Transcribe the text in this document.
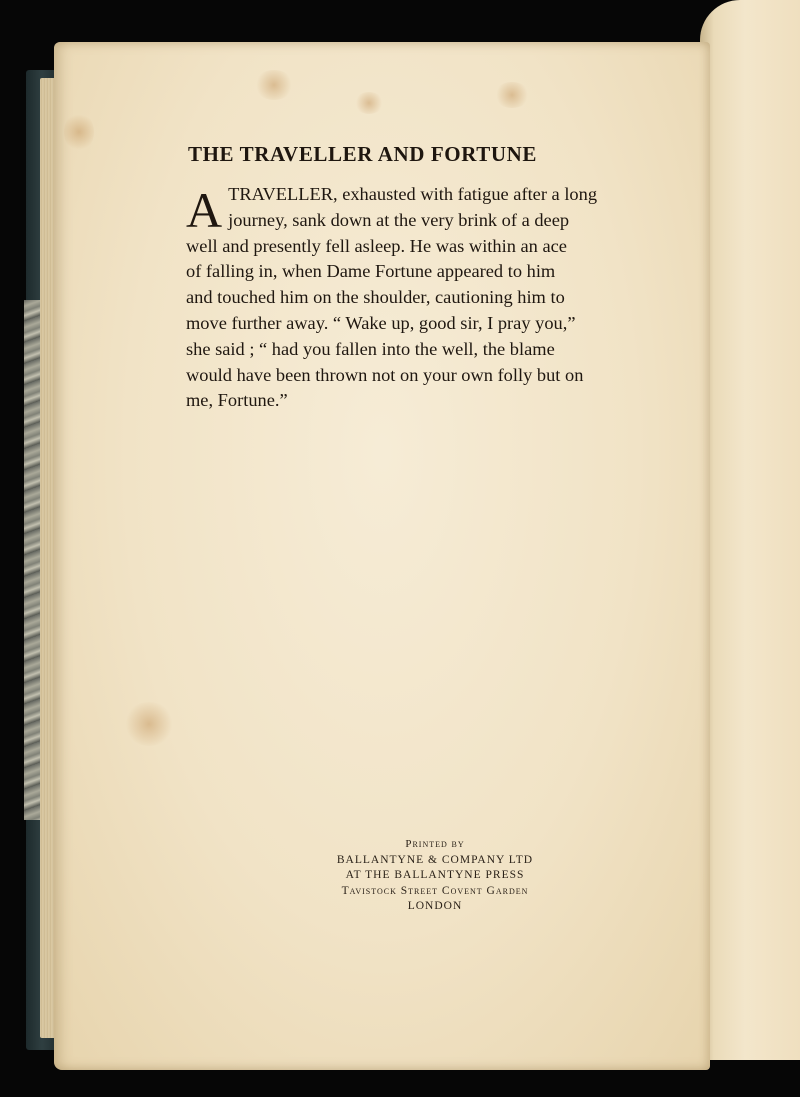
THE TRAVELLER AND FORTUNE
A TRAVELLER, exhausted with fatigue after a long
journey, sank down at the very brink of a deep
well and presently fell asleep. He was within an ace
of falling in, when Dame Fortune appeared to him
and touched him on the shoulder, cautioning him to
move further away. “ Wake up, good sir, I pray you,”
she said ; “ had you fallen into the well, the blame
would have been thrown not on your own folly but on
me, Fortune.”
Printed by
BALLANTYNE & COMPANY LTD
AT THE BALLANTYNE PRESS
Tavistock Street Covent Garden
LONDON
